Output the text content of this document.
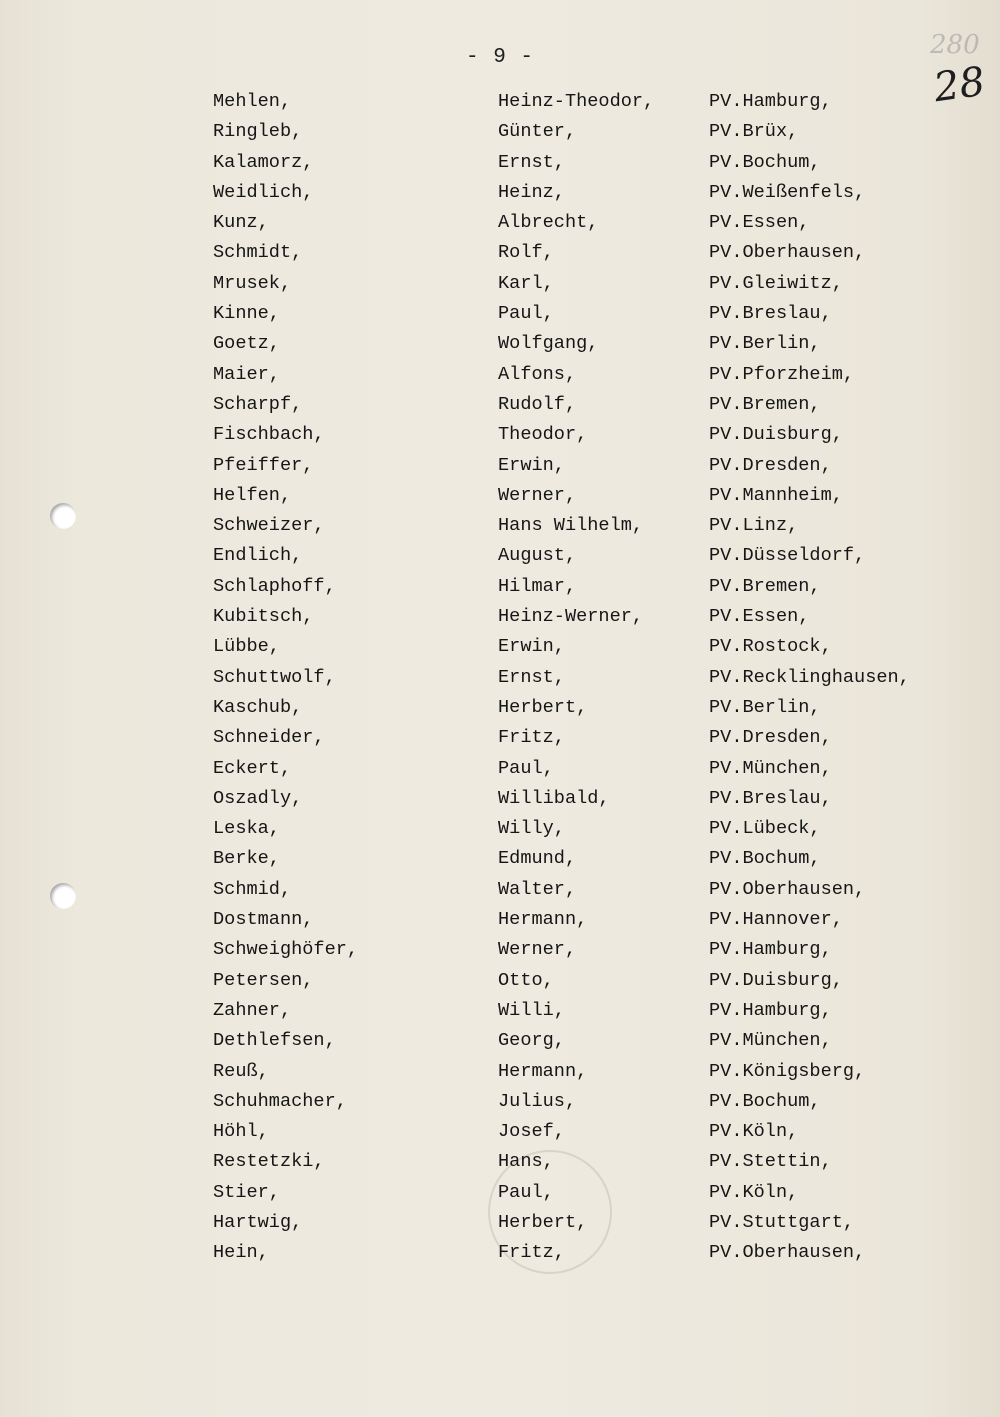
280
- 9 -
28
Mehlen,	Heinz-Theodor,	PV.Hamburg,
Ringleb,	Günter,	PV.Brüx,
Kalamorz,	Ernst,	PV.Bochum,
Weidlich,	Heinz,	PV.Weißenfels,
Kunz,	Albrecht,	PV.Essen,
Schmidt,	Rolf,	PV.Oberhausen,
Mrusek,	Karl,	PV.Gleiwitz,
Kinne,	Paul,	PV.Breslau,
Goetz,	Wolfgang,	PV.Berlin,
Maier,	Alfons,	PV.Pforzheim,
Scharpf,	Rudolf,	PV.Bremen,
Fischbach,	Theodor,	PV.Duisburg,
Pfeiffer,	Erwin,	PV.Dresden,
Helfen,	Werner,	PV.Mannheim,
Schweizer,	Hans Wilhelm,	PV.Linz,
Endlich,	August,	PV.Düsseldorf,
Schlaphoff,	Hilmar,	PV.Bremen,
Kubitsch,	Heinz-Werner,	PV.Essen,
Lübbe,	Erwin,	PV.Rostock,
Schuttwolf,	Ernst,	PV.Recklinghausen,
Kaschub,	Herbert,	PV.Berlin,
Schneider,	Fritz,	PV.Dresden,
Eckert,	Paul,	PV.München,
Oszadly,	Willibald,	PV.Breslau,
Leska,	Willy,	PV.Lübeck,
Berke,	Edmund,	PV.Bochum,
Schmid,	Walter,	PV.Oberhausen,
Dostmann,	Hermann,	PV.Hannover,
Schweighöfer,	Werner,	PV.Hamburg,
Petersen,	Otto,	PV.Duisburg,
Zahner,	Willi,	PV.Hamburg,
Dethlefsen,	Georg,	PV.München,
Reuß,	Hermann,	PV.Königsberg,
Schuhmacher,	Julius,	PV.Bochum,
Höhl,	Josef,	PV.Köln,
Restetzki,	Hans,	PV.Stettin,
Stier,	Paul,	PV.Köln,
Hartwig,	Herbert,	PV.Stuttgart,
Hein,	Fritz,	PV.Oberhausen,
